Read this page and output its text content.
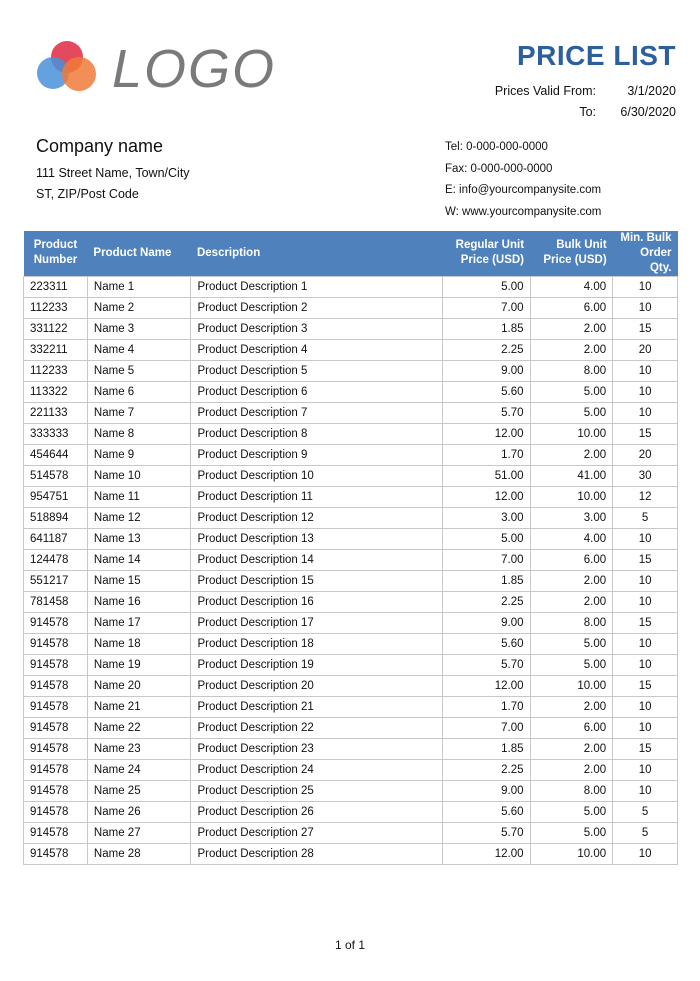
LOGO	PRICE LIST
Prices Valid From:	3/1/2020
To:	6/30/2020
Company name
111 Street Name, Town/City
ST, ZIP/Post Code
Tel: 0-000-000-0000
Fax: 0-000-000-0000
E: info@yourcompanysite.com
W: www.yourcompanysite.com
Product Number	Product Name	Description	Regular Unit Price (USD)	Bulk Unit Price (USD)	Min. Bulk Order Qty.
223311	Name 1	Product Description 1	5.00	4.00	10
112233	Name 2	Product Description 2	7.00	6.00	10
331122	Name 3	Product Description 3	1.85	2.00	15
332211	Name 4	Product Description 4	2.25	2.00	20
112233	Name 5	Product Description 5	9.00	8.00	10
113322	Name 6	Product Description 6	5.60	5.00	10
221133	Name 7	Product Description 7	5.70	5.00	10
333333	Name 8	Product Description 8	12.00	10.00	15
454644	Name 9	Product Description 9	1.70	2.00	20
514578	Name 10	Product Description 10	51.00	41.00	30
954751	Name 11	Product Description 11	12.00	10.00	12
518894	Name 12	Product Description 12	3.00	3.00	5
641187	Name 13	Product Description 13	5.00	4.00	10
124478	Name 14	Product Description 14	7.00	6.00	15
551217	Name 15	Product Description 15	1.85	2.00	10
781458	Name 16	Product Description 16	2.25	2.00	10
914578	Name 17	Product Description 17	9.00	8.00	15
914578	Name 18	Product Description 18	5.60	5.00	10
914578	Name 19	Product Description 19	5.70	5.00	10
914578	Name 20	Product Description 20	12.00	10.00	15
914578	Name 21	Product Description 21	1.70	2.00	10
914578	Name 22	Product Description 22	7.00	6.00	10
914578	Name 23	Product Description 23	1.85	2.00	15
914578	Name 24	Product Description 24	2.25	2.00	10
914578	Name 25	Product Description 25	9.00	8.00	10
914578	Name 26	Product Description 26	5.60	5.00	5
914578	Name 27	Product Description 27	5.70	5.00	5
914578	Name 28	Product Description 28	12.00	10.00	10
1 of 1
